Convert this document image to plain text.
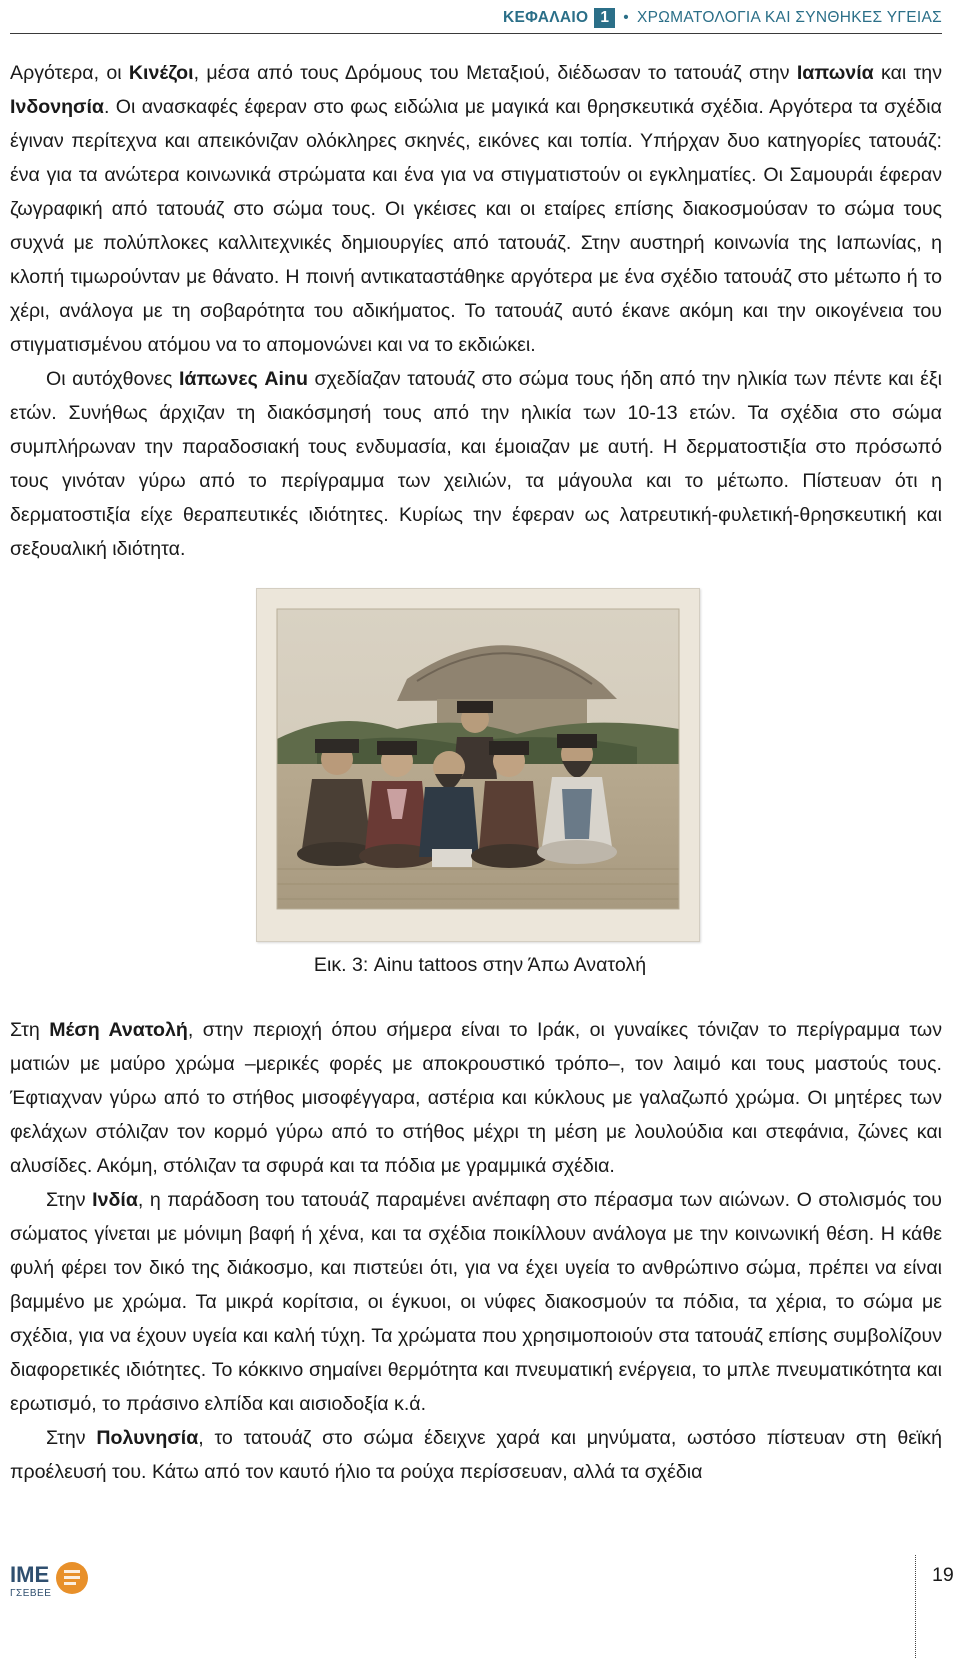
ΚΕΦΑΛΑΙΟ 1 • ΧΡΩΜΑΤΟΛΟΓΙΑ ΚΑΙ ΣΥΝΘΗΚΕΣ ΥΓΕΙΑΣ

Αργότερα, οι Κινέζοι, μέσα από τους Δρόμους του Μεταξιού, διέδωσαν το τατουάζ στην Ιαπωνία και την Ινδονησία. Οι ανασκαφές έφεραν στο φως ειδώλια με μαγικά και θρησκευτικά σχέδια. Αργότερα τα σχέδια έγιναν περίτεχνα και απεικόνιζαν ολόκληρες σκηνές, εικόνες και τοπία. Υπήρχαν δυο κατηγορίες τατουάζ: ένα για τα ανώτερα κοινωνικά στρώματα και ένα για να στιγματιστούν οι εγκληματίες. Οι Σαμουράι έφεραν ζωγραφική από τατουάζ στο σώμα τους. Οι γκέισες και οι εταίρες επίσης διακοσμούσαν το σώμα τους συχνά με πολύπλοκες καλλιτεχνικές δημιουργίες από τατουάζ. Στην αυστηρή κοινωνία της Ιαπωνίας, η κλοπή τιμωρούνταν με θάνατο. Η ποινή αντικαταστάθηκε αργότερα με ένα σχέδιο τατουάζ στο μέτωπο ή το χέρι, ανάλογα με τη σοβαρότητα του αδικήματος. Το τατουάζ αυτό έκανε ακόμη και την οικογένεια του στιγματισμένου ατόμου να το απομονώνει και να το εκδιώκει.

Οι αυτόχθονες Ιάπωνες Ainu σχεδίαζαν τατουάζ στο σώμα τους ήδη από την ηλικία των πέντε και έξι ετών. Συνήθως άρχιζαν τη διακόσμησή τους από την ηλικία των 10-13 ετών. Τα σχέδια στο σώμα συμπλήρωναν την παραδοσιακή τους ενδυμασία, και έμοιαζαν με αυτή. Η δερματοστιξία στο πρόσωπό τους γινόταν γύρω από το περίγραμμα των χειλιών, τα μάγουλα και το μέτωπο. Πίστευαν ότι η δερματοστιξία είχε θεραπευτικές ιδιότητες. Κυρίως την έφεραν ως λατρευτική-φυλετική-θρησκευτική και σεξουαλική ιδιότητα.

Εικ. 3: Ainu tattoos στην Άπω Ανατολή

Στη Μέση Ανατολή, στην περιοχή όπου σήμερα είναι το Ιράκ, οι γυναίκες τόνιζαν το περίγραμμα των ματιών με μαύρο χρώμα –μερικές φορές με αποκρουστικό τρόπο–, τον λαιμό και τους μαστούς τους. Έφτιαχναν γύρω από το στήθος μισοφέγγαρα, αστέρια και κύκλους με γαλαζωπό χρώμα. Οι μητέρες των φελάχων στόλιζαν τον κορμό γύρω από το στήθος μέχρι τη μέση με λουλούδια και στεφάνια, ζώνες και αλυσίδες. Ακόμη, στόλιζαν τα σφυρά και τα πόδια με γραμμικά σχέδια.

Στην Ινδία, η παράδοση του τατουάζ παραμένει ανέπαφη στο πέρασμα των αιώνων. Ο στολισμός του σώματος γίνεται με μόνιμη βαφή ή χένα, και τα σχέδια ποικίλλουν ανάλογα με την κοινωνική θέση. Η κάθε φυλή φέρει τον δικό της διάκοσμο, και πιστεύει ότι, για να έχει υγεία το ανθρώπινο σώμα, πρέπει να είναι βαμμένο με χρώμα. Τα μικρά κορίτσια, οι έγκυοι, οι νύφες διακοσμούν τα πόδια, τα χέρια, το σώμα με σχέδια, για να έχουν υγεία και καλή τύχη. Τα χρώματα που χρησιμοποιούν στα τατουάζ επίσης συμβολίζουν διαφορετικές ιδιότητες. Το κόκκινο σημαίνει θερμότητα και πνευματική ενέργεια, το μπλε πνευματικότητα και ερωτισμό, το πράσινο ελπίδα και αισιοδοξία κ.ά.

Στην Πολυνησία, το τατουάζ στο σώμα έδειχνε χαρά και μηνύματα, ωστόσο πίστευαν στη θεϊκή προέλευσή του. Κάτω από τον καυτό ήλιο τα ρούχα περίσσευαν, αλλά τα σχέδια

ΙΜΕ
ΓΣΕΒΕΕ
19
